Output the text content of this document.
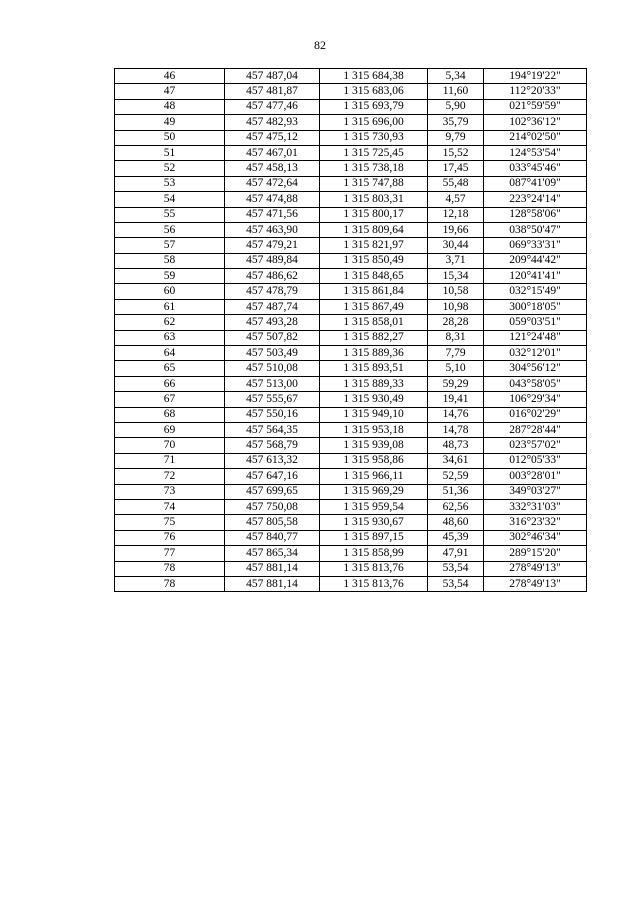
82
46	457 487,04	1 315 684,38	5,34	194°19'22"
47	457 481,87	1 315 683,06	11,60	112°20'33"
48	457 477,46	1 315 693,79	5,90	021°59'59"
49	457 482,93	1 315 696,00	35,79	102°36'12"
50	457 475,12	1 315 730,93	9,79	214°02'50"
51	457 467,01	1 315 725,45	15,52	124°53'54"
52	457 458,13	1 315 738,18	17,45	033°45'46"
53	457 472,64	1 315 747,88	55,48	087°41'09"
54	457 474,88	1 315 803,31	4,57	223°24'14"
55	457 471,56	1 315 800,17	12,18	128°58'06"
56	457 463,90	1 315 809,64	19,66	038°50'47"
57	457 479,21	1 315 821,97	30,44	069°33'31"
58	457 489,84	1 315 850,49	3,71	209°44'42"
59	457 486,62	1 315 848,65	15,34	120°41'41"
60	457 478,79	1 315 861,84	10,58	032°15'49"
61	457 487,74	1 315 867,49	10,98	300°18'05"
62	457 493,28	1 315 858,01	28,28	059°03'51"
63	457 507,82	1 315 882,27	8,31	121°24'48"
64	457 503,49	1 315 889,36	7,79	032°12'01"
65	457 510,08	1 315 893,51	5,10	304°56'12"
66	457 513,00	1 315 889,33	59,29	043°58'05"
67	457 555,67	1 315 930,49	19,41	106°29'34"
68	457 550,16	1 315 949,10	14,76	016°02'29"
69	457 564,35	1 315 953,18	14,78	287°28'44"
70	457 568,79	1 315 939,08	48,73	023°57'02"
71	457 613,32	1 315 958,86	34,61	012°05'33"
72	457 647,16	1 315 966,11	52,59	003°28'01"
73	457 699,65	1 315 969,29	51,36	349°03'27"
74	457 750,08	1 315 959,54	62,56	332°31'03"
75	457 805,58	1 315 930,67	48,60	316°23'32"
76	457 840,77	1 315 897,15	45,39	302°46'34"
77	457 865,34	1 315 858,99	47,91	289°15'20"
78	457 881,14	1 315 813,76	53,54	278°49'13"
78	457 881,14	1 315 813,76	53,54	278°49'13"
